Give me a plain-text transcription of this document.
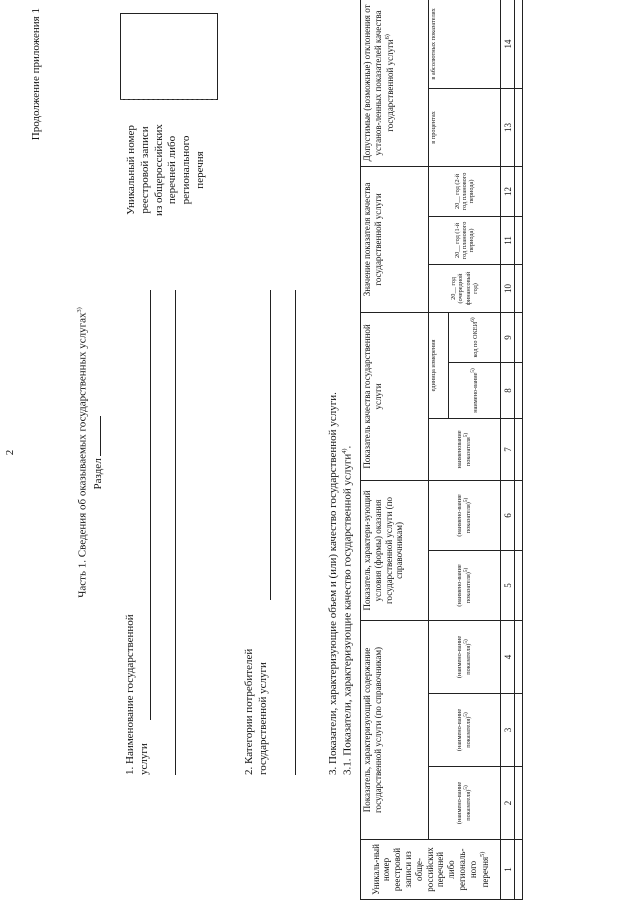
2
Продолжение приложения 1
Часть 1. Сведения об оказываемых государственных услугах$^{3)}$
Раздел
1. Наименование государственной услуги	2. Категории потребителей государственной услуги
Уникальный номер реестровой записи из общероссийских перечней либо регионального перечня
3. Показатели, характеризующие объем и (или) качество государственной услуги. 3.1. Показатели, характеризующие качество государственной услуги$^{4)}$.
Уникаль-ный номер реестровой записи из обще-российских перечней либо региональ-ного перечня$^{5)}$	Показатель, характеризующий содержание государственной услуги (по справочникам)			Показатель, характери-зующий условия (формы) оказания государственной услуги (по справочникам)		Показатель качества государственной услуги			Значение показателя качества государственной услуги			Допустимые (возможные) отклонения от установ-ленных показателей качества государственной услуги$^{6)}$
	(наимено-вание показателя)$^{5)}$	(наимено-вание показателя)$^{5)}$	(наимено-вание показателя)$^{5)}$	(наимено-вание показателя)$^{5)}$	(наимено-вание показателя)$^{5)}$	наименование показателя$^{5)}$	единица измерения		20__ год (очередной финансовый год)	20__ год (1-й год планового периода)	20__ год (2-й год планового периода)	в процентах	в абсолютных показателях
							наимено-вание$^{5)}$	код по ОКЕИ$^{6)}$
1	2	3	4	5	6	7	8	9	10	11	12	13	14
